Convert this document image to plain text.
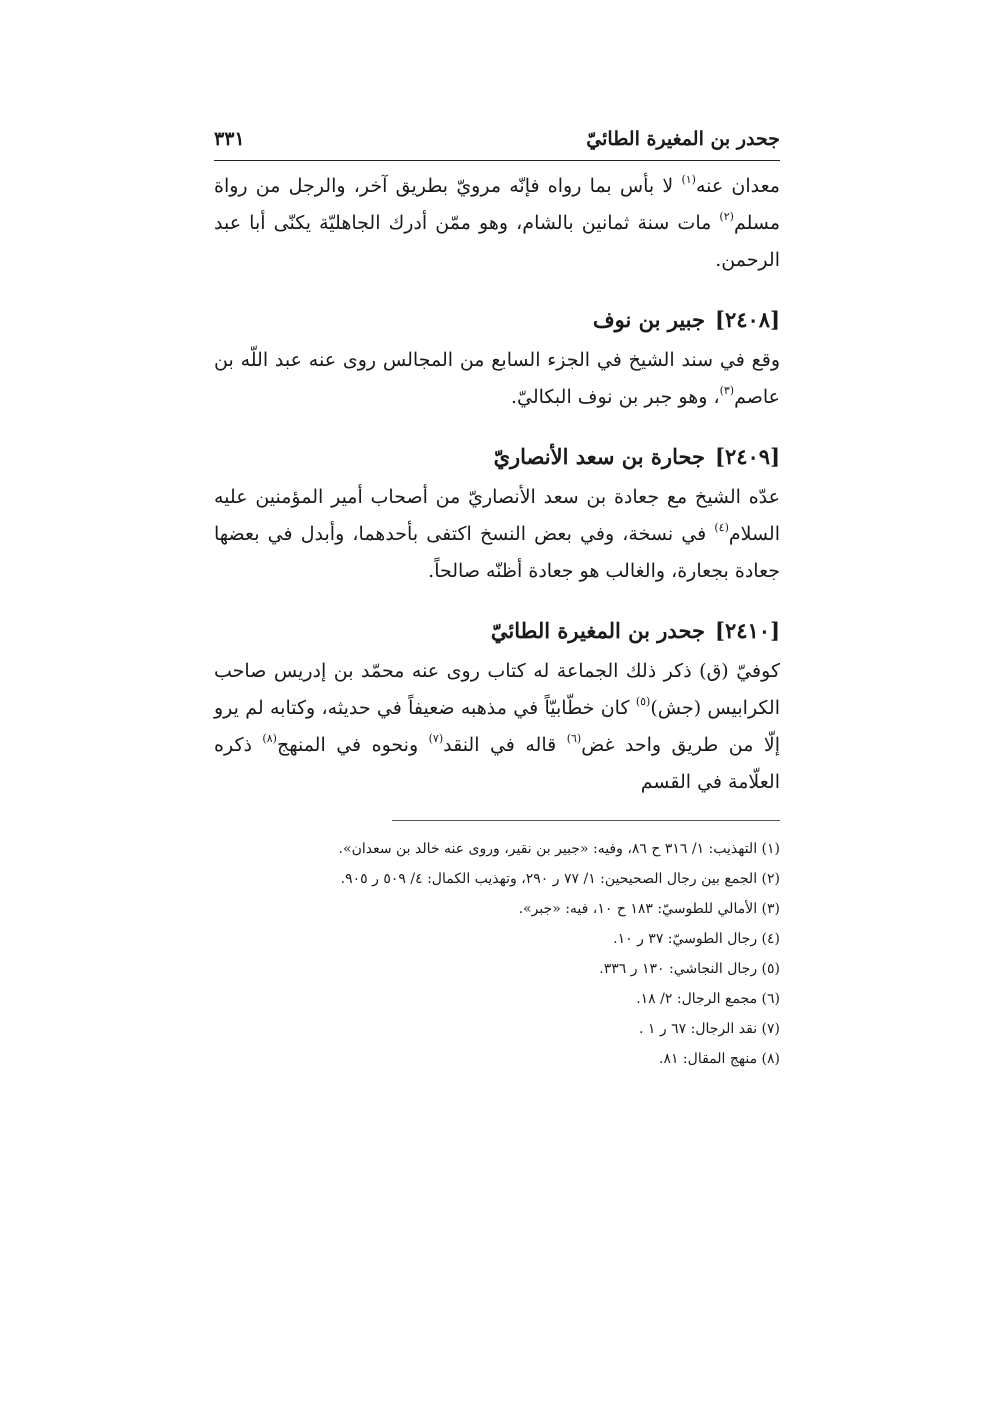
جحدر بن المغيرة الطائيّ
٣٣١

معدان عنه$^{(١)}$ لا بأس بما رواه فإنّه مرويّ بطريق آخر، والرجل من رواة مسلم$^{(٢)}$ مات سنة ثمانين بالشام، وهو ممّن أدرك الجاهليّة يكنّى أبا عبد الرحمن.

[٢٤٠٨]جبير بن نوف

وقع في سند الشيخ في الجزء السابع من المجالس روى عنه عبد اللّه بن عاصم$^{(٣)}$، وهو جبر بن نوف البكاليّ.

[٢٤٠٩]جحارة بن سعد الأنصاريّ

عدّه الشيخ مع جعادة بن سعد الأنصاريّ من أصحاب أمير المؤمنين عليه السلام$^{(٤)}$ في نسخة، وفي بعض النسخ اكتفى بأحدهما، وأبدل في بعضها جعادة بجعارة، والغالب هو جعادة أظنّه صالحاً.

[٢٤١٠]جحدر بن المغيرة الطائيّ

كوفيّ (ق) ذكر ذلك الجماعة له كتاب روى عنه محمّد بن إدريس صاحب الكرابيس (جش)$^{(٥)}$ كان خطّابيّاً في مذهبه ضعيفاً في حديثه، وكتابه لم يرو إلّا من طريق واحد غض$^{(٦)}$ قاله في النقد$^{(٧)}$ ونحوه في المنهج$^{(٨)}$ ذكره العلّامة في القسم

(١) التهذيب: ١/ ٣١٦ ح ٨٦، وفيه: «جبير بن نقير، وروى عنه خالد بن سعدان».
(٢) الجمع بين رجال الصحيحين: ١/ ٧٧ ر ٢٩٠، وتهذيب الكمال: ٤/ ٥٠٩ ر ٩٠٥.
(٣) الأمالي للطوسيّ: ١٨٣ ح ١٠، فيه: «جبر».
(٤) رجال الطوسيّ: ٣٧ ر ١٠.
(٥) رجال النجاشي: ١٣٠ ر ٣٣٦.
(٦) مجمع الرجال: ٢/ ١٨.
(٧) نقد الرجال: ٦٧ ر ١ .
(٨) منهج المقال: ٨١.
